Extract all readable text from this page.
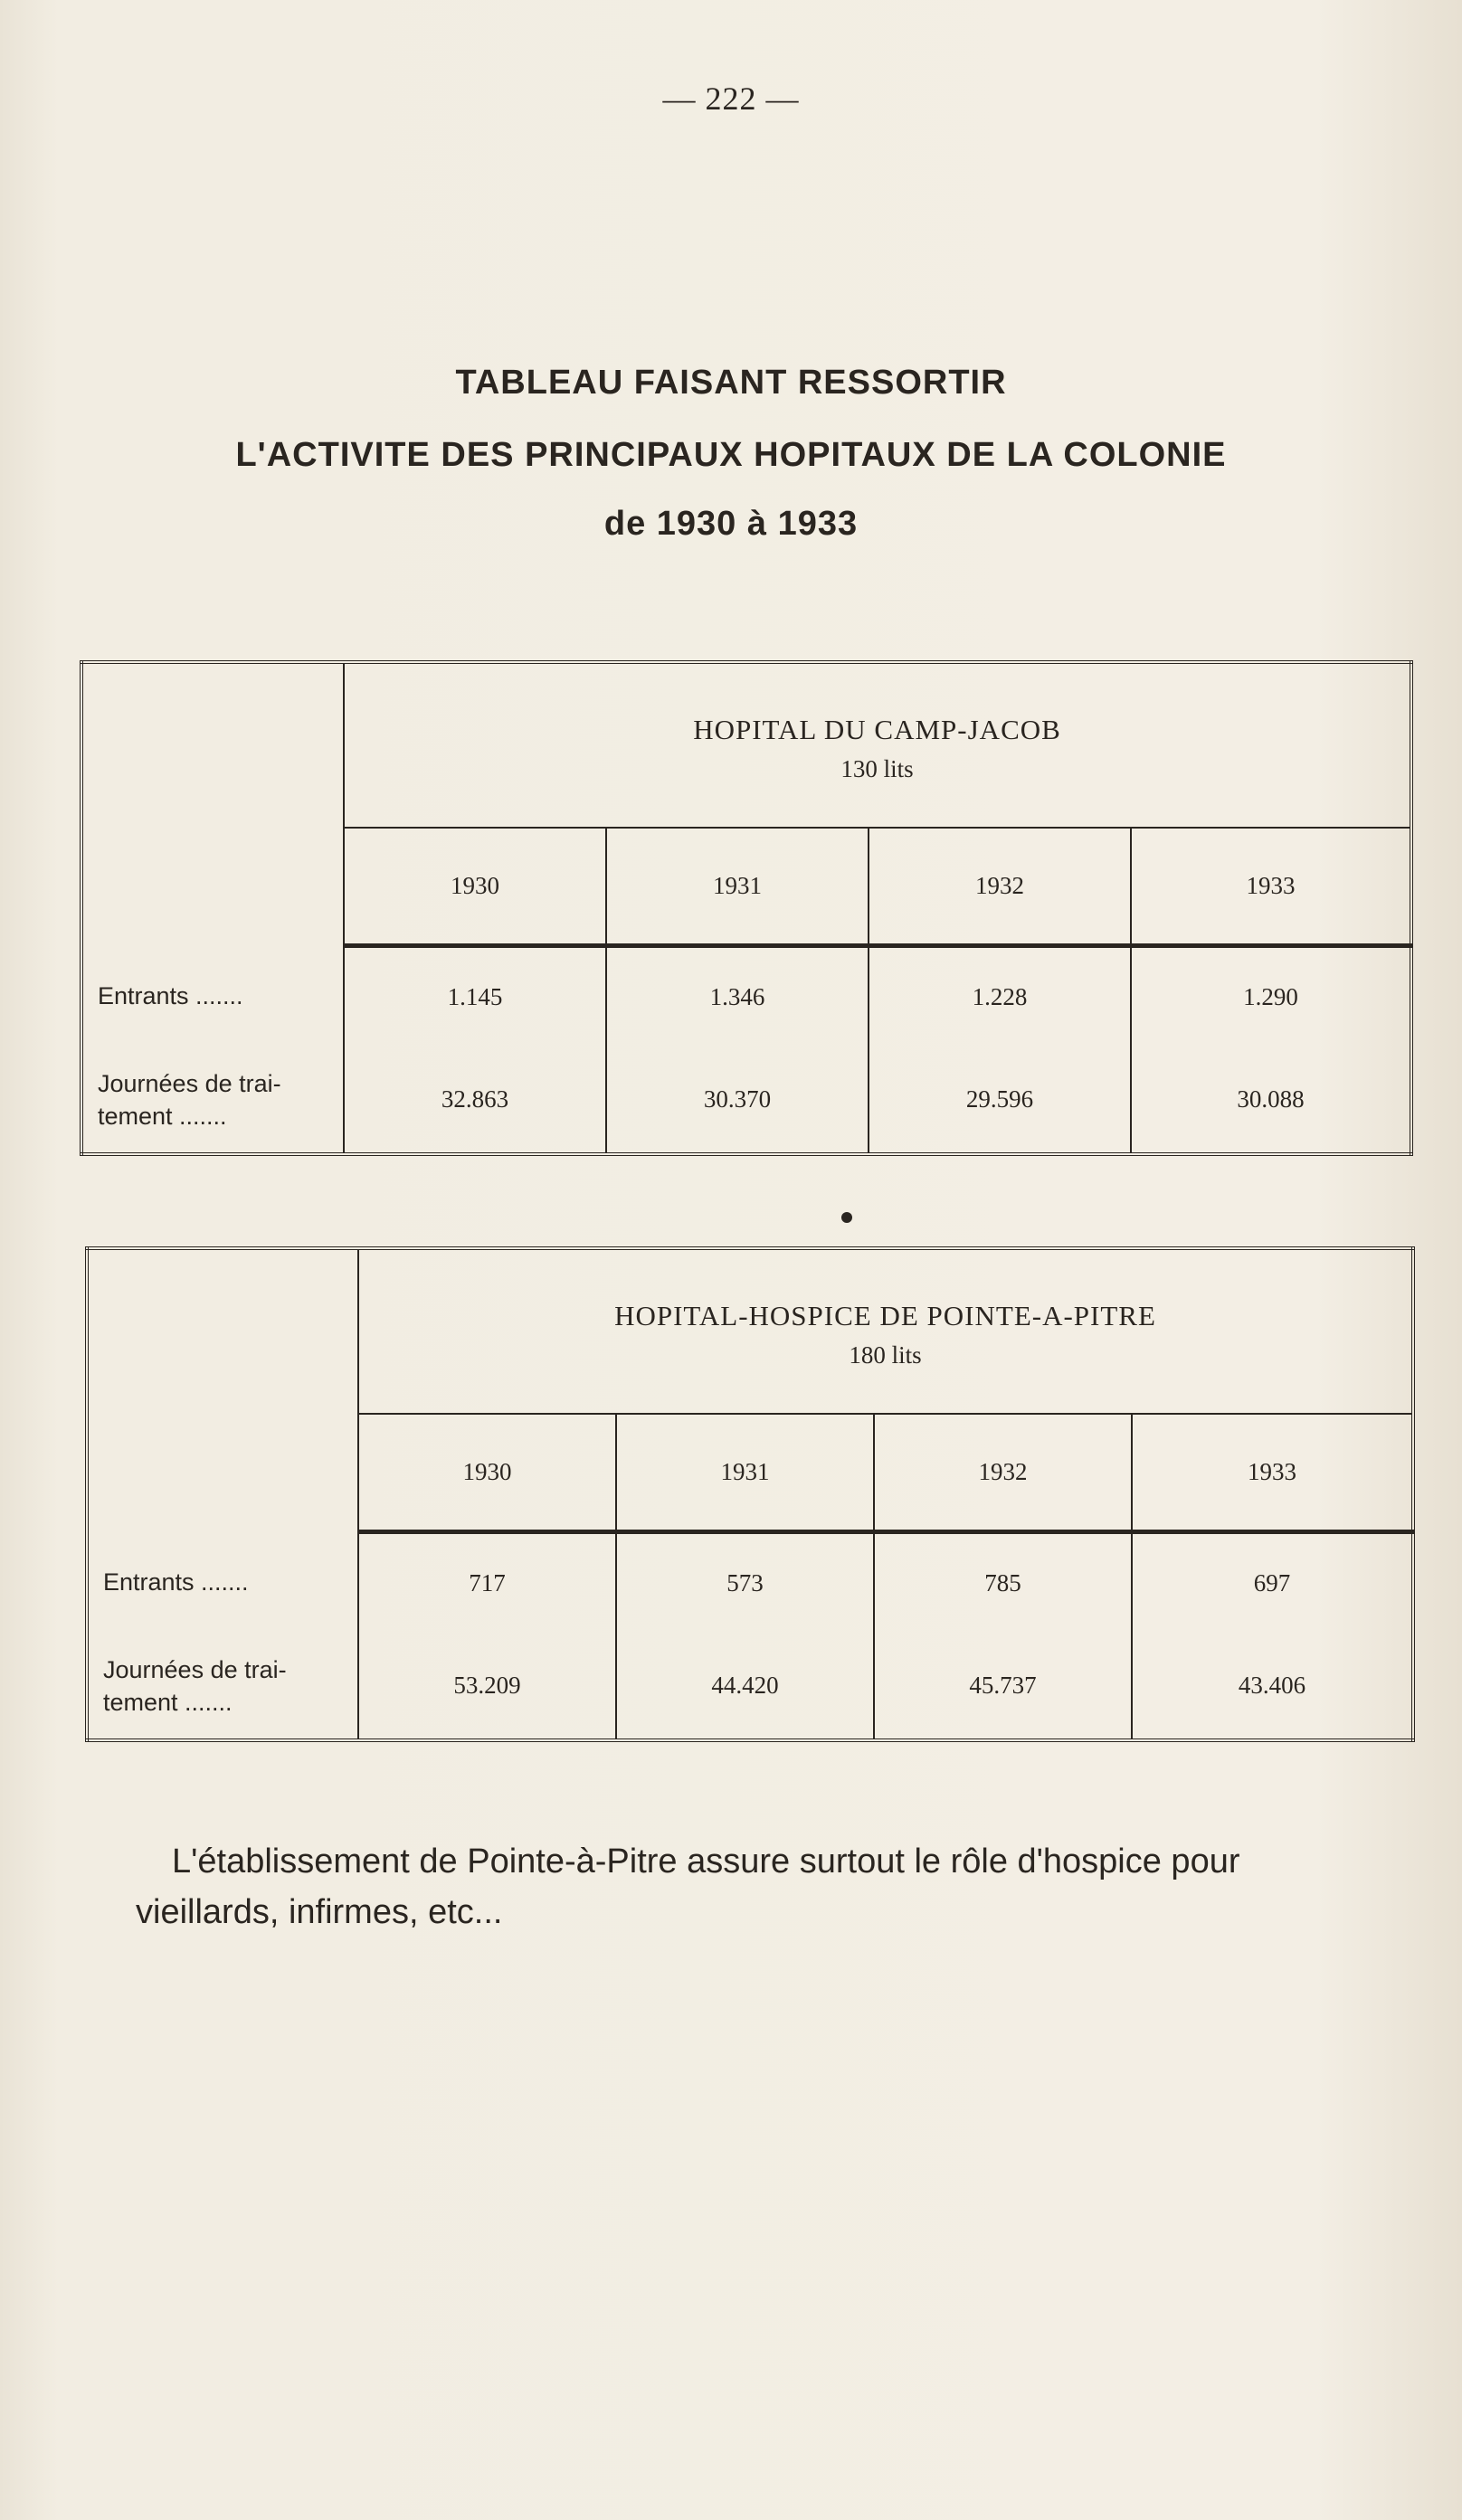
— 222 —
TABLEAU FAISANT RESSORTIR
L'ACTIVITE DES PRINCIPAUX HOPITAUX DE LA COLONIE
de 1930 à 1933

	HOPITAL DU CAMP-JACOB
130 lits			

	1930	1931	1932	1933
Entrants .......	1.145	1.346	1.228	1.290
Journées de trai-
tement .......	32.863	30.370	29.596	30.088

	HOPITAL-HOSPICE DE POINTE-A-PITRE
180 lits			

	1930	1931	1932	1933
Entrants .......	717	573	785	697
Journées de trai-
tement .......	53.209	44.420	45.737	43.406
L'établissement de Pointe-à-Pitre assure surtout le rôle d'hospice pour vieillards, infirmes, etc...
